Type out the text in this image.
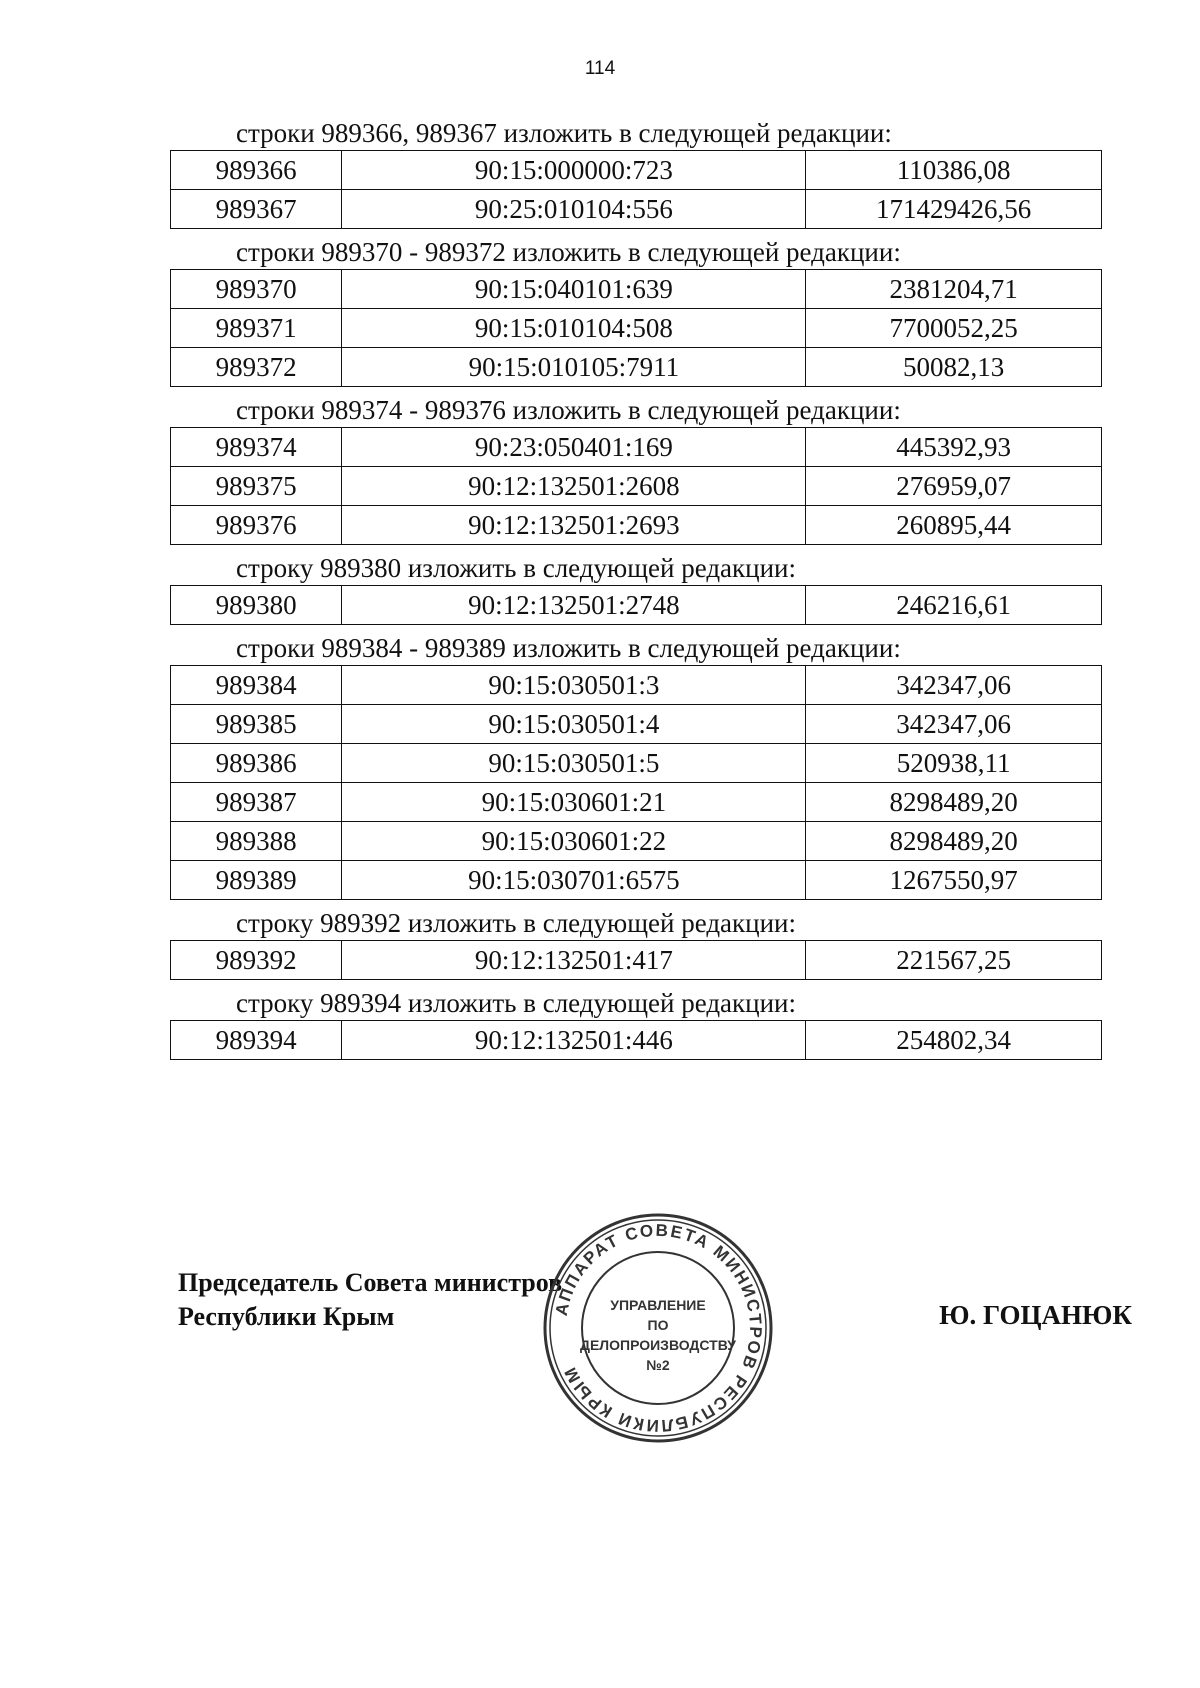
114
строки 989366, 989367 изложить в следующей редакции:
989366	90:15:000000:723	110386,08
989367	90:25:010104:556	171429426,56
строки 989370 - 989372 изложить в следующей редакции:
989370	90:15:040101:639	2381204,71
989371	90:15:010104:508	7700052,25
989372	90:15:010105:7911	50082,13
строки 989374 - 989376 изложить в следующей редакции:
989374	90:23:050401:169	445392,93
989375	90:12:132501:2608	276959,07
989376	90:12:132501:2693	260895,44
строку 989380 изложить в следующей редакции:
989380	90:12:132501:2748	246216,61
строки 989384 - 989389 изложить в следующей редакции:
989384	90:15:030501:3	342347,06
989385	90:15:030501:4	342347,06
989386	90:15:030501:5	520938,11
989387	90:15:030601:21	8298489,20
989388	90:15:030601:22	8298489,20
989389	90:15:030701:6575	1267550,97
строку 989392 изложить в следующей редакции:
989392	90:12:132501:417	221567,25
строку 989394 изложить в следующей редакции:
989394	90:12:132501:446	254802,34
Председатель Совета министров
Республики Крым	Ю. ГОЦАНЮК
АППАРАТ СОВЕТА МИНИСТРОВ РЕСПУБЛИКИ КРЫМ
УПРАВЛЕНИЕ
ПО
ДЕЛОПРОИЗВОДСТВУ
№2
